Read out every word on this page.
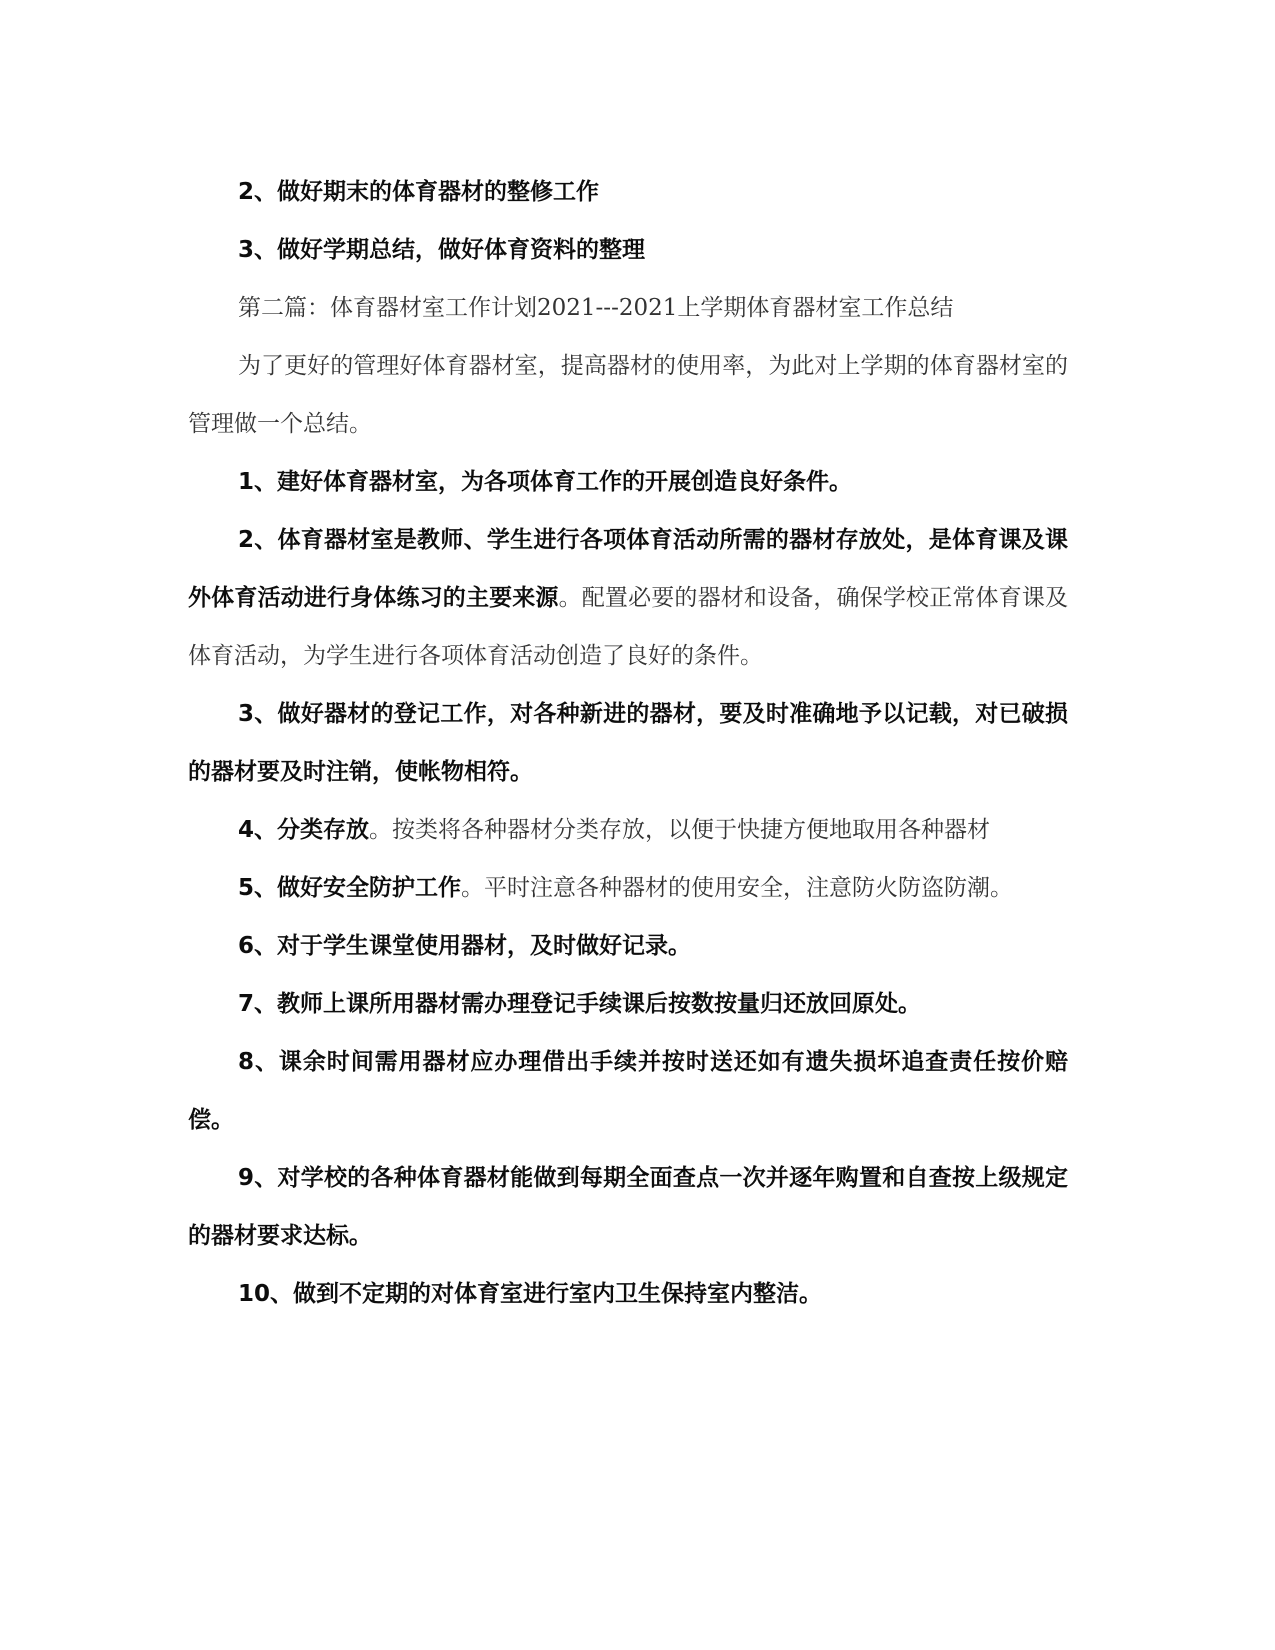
2、做好期末的体育器材的整修工作

3、做好学期总结，做好体育资料的整理

第二篇：体育器材室工作计划2021---2021上学期体育器材室工作总结

为了更好的管理好体育器材室，提高器材的使用率，为此对上学期的体育器材室的管理做一个总结。

1、建好体育器材室，为各项体育工作的开展创造良好条件。

2、体育器材室是教师、学生进行各项体育活动所需的器材存放处，是体育课及课外体育活动进行身体练习的主要来源。配置必要的器材和设备，确保学校正常体育课及体育活动，为学生进行各项体育活动创造了良好的条件。

3、做好器材的登记工作，对各种新进的器材，要及时准确地予以记载，对已破损的器材要及时注销，使帐物相符。

4、分类存放。按类将各种器材分类存放，以便于快捷方便地取用各种器材

5、做好安全防护工作。平时注意各种器材的使用安全，注意防火防盗防潮。

6、对于学生课堂使用器材，及时做好记录。

7、教师上课所用器材需办理登记手续课后按数按量归还放回原处。

8、课余时间需用器材应办理借出手续并按时送还如有遗失损坏追查责任按价赔偿。

9、对学校的各种体育器材能做到每期全面查点一次并逐年购置和自查按上级规定的器材要求达标。

10、做到不定期的对体育室进行室内卫生保持室内整洁。
